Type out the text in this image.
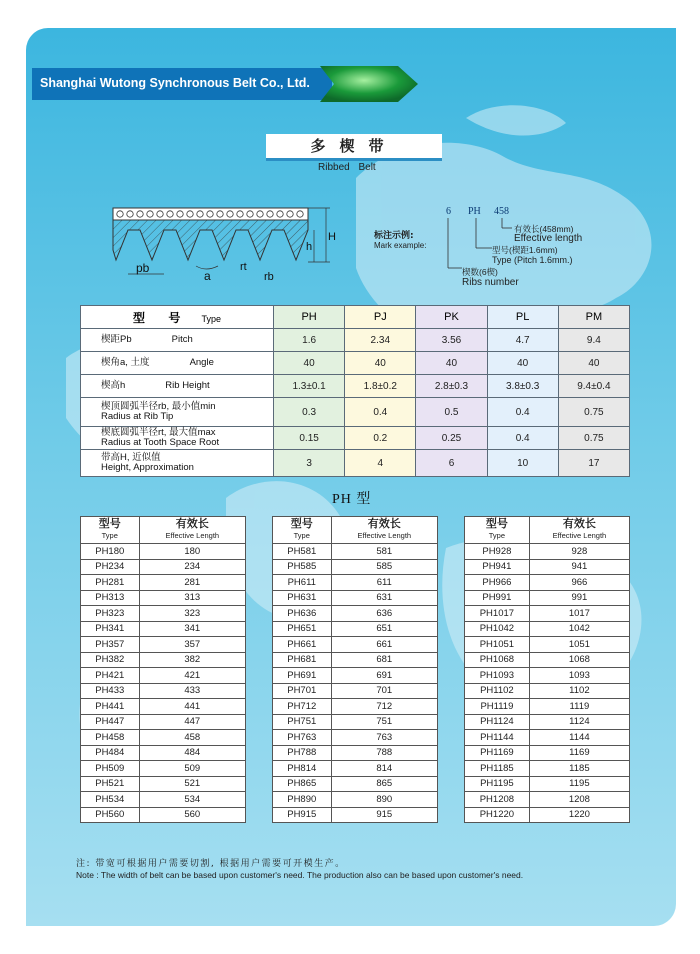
Shanghai Wutong Synchronous Belt Co., Ltd.
多楔带
Ribbed Belt
pb
a
rt
rb
h
H	标注示例:
Mark example:
6 PH 458
有效长(458mm)
Effective length
型号(楔距1.6mm)
Type (Pitch 1.6mm.)
楔数(6楔)
Ribs number
型 号 Type	PH	PJ	PK	PL	PM
楔距Pb Pitch	1.6	2.34	3.56	4.7	9.4
楔角a, 土度 Angle	40	40	40	40	40
楔高h Rib Height	1.3±0.1	1.8±0.2	2.8±0.3	3.8±0.3	9.4±0.4
楔顶圆弧半径rb, 最小值min
Radius at Rib Tip	0.3	0.4	0.5	0.4	0.75
楔底圆弧半径rt, 最大值max
Radius at Tooth Space Root	0.15	0.2	0.25	0.4	0.75
带高H, 近似值
Height, Approximation	3	4	6	10	17
PH 型
型号
Type	有效长
Effective Length

PH180	180
PH234	234
PH281	281
PH313	313
PH323	323
PH341	341
PH357	357
PH382	382
PH421	421
PH433	433
PH441	441
PH447	447
PH458	458
PH484	484
PH509	509
PH521	521
PH534	534
PH560	560
型号
Type	有效长
Effective Length

PH581	581
PH585	585
PH611	611
PH631	631
PH636	636
PH651	651
PH661	661
PH681	681
PH691	691
PH701	701
PH712	712
PH751	751
PH763	763
PH788	788
PH814	814
PH865	865
PH890	890
PH915	915
型号
Type	有效长
Effective Length

PH928	928
PH941	941
PH966	966
PH991	991
PH1017	1017
PH1042	1042
PH1051	1051
PH1068	1068
PH1093	1093
PH1102	1102
PH1119	1119
PH1124	1124
PH1144	1144
PH1169	1169
PH1185	1185
PH1195	1195
PH1208	1208
PH1220	1220
注: 带宽可根据用户需要切割, 根据用户需要可开模生产。
Note : The width of belt can be based upon customer's need. The production also can be based upon customer's need.
